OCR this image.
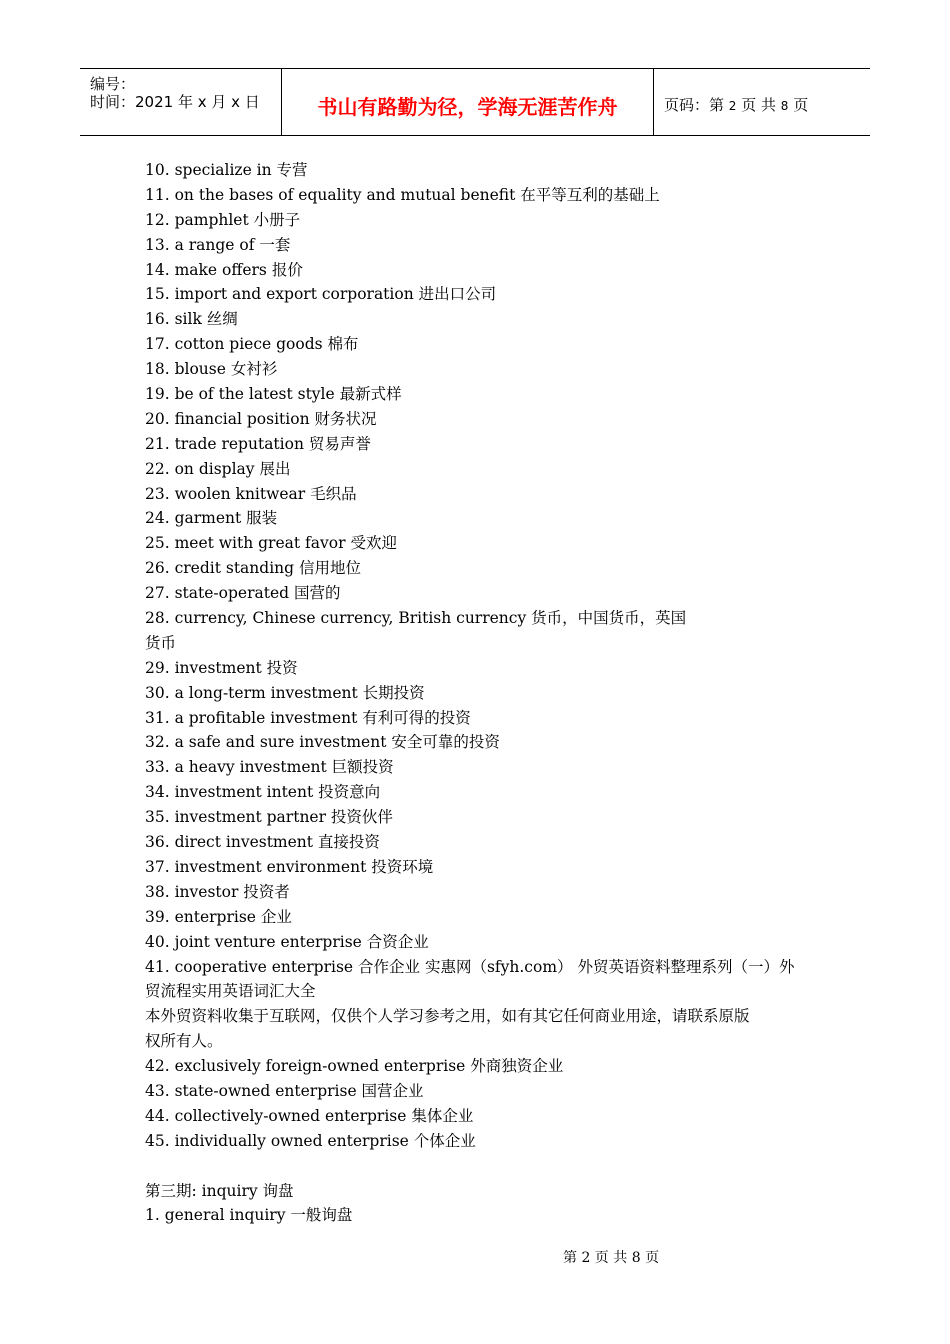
编号：
时间：2021 年 x 月 x 日	书山有路勤为径，学海无涯苦作舟	页码：第 2 页 共 8 页
10. specialize in 专营
11. on the bases of equality and mutual benefit 在平等互利的基础上
12. pamphlet 小册子
13. a range of 一套
14. make offers 报价
15. import and export corporation 进出口公司
16. silk 丝绸
17. cotton piece goods 棉布
18. blouse 女衬衫
19. be of the latest style 最新式样
20. financial position 财务状况
21. trade reputation 贸易声誉
22. on display 展出
23. woolen knitwear 毛织品
24. garment 服装
25. meet with great favor 受欢迎
26. credit standing 信用地位
27. state-operated 国营的
28. currency, Chinese currency, British currency 货币，中国货币，英国
货币
29. investment 投资
30. a long-term investment 长期投资
31. a profitable investment 有利可得的投资
32. a safe and sure investment 安全可靠的投资
33. a heavy investment 巨额投资
34. investment intent 投资意向
35. investment partner 投资伙伴
36. direct investment 直接投资
37. investment environment 投资环境
38. investor 投资者
39. enterprise 企业
40. joint venture enterprise 合资企业
41. cooperative enterprise 合作企业 实惠网（sfyh.com） 外贸英语资料整理系列（一）外
贸流程实用英语词汇大全
本外贸资料收集于互联网，仅供个人学习参考之用，如有其它任何商业用途，请联系原版
权所有人。
42. exclusively foreign-owned enterprise 外商独资企业
43. state-owned enterprise 国营企业
44. collectively-owned enterprise 集体企业
45. individually owned enterprise 个体企业
第三期: inquiry 询盘
1. general inquiry 一般询盘
第 2 页 共 8 页
